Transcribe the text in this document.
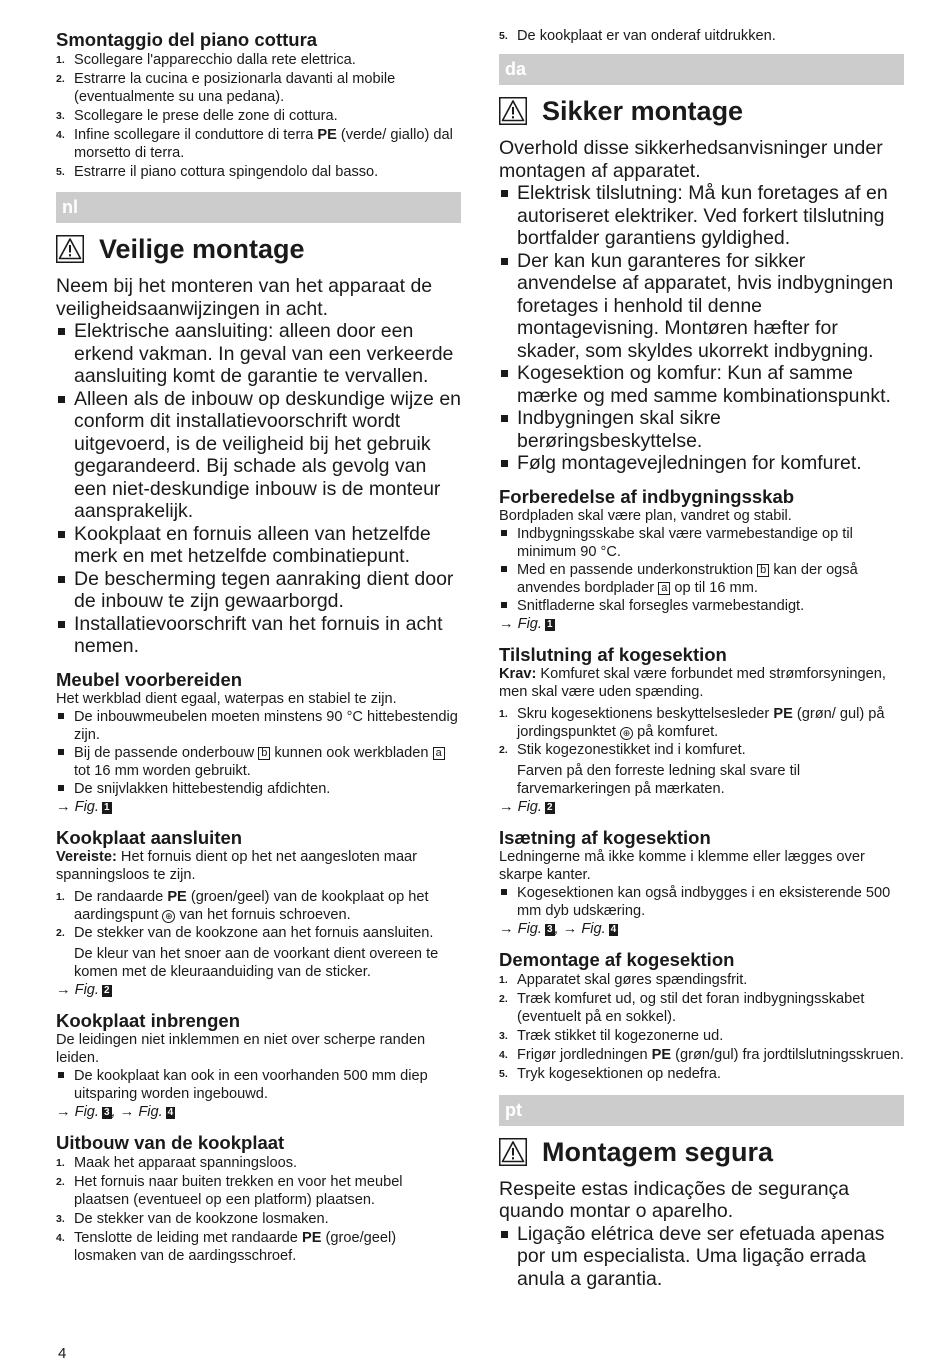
Smontaggio del piano cottura
1. Scollegare l'apparecchio dalla rete elettrica.
2. Estrarre la cucina e posizionarla davanti al mobile (eventualmente su una pedana).
3. Scollegare le prese delle zone di cottura.
4. Infine scollegare il conduttore di terra PE (verde/ giallo) dal morsetto di terra.
5. Estrarre il piano cottura spingendolo dal basso.
nl
Veilige montage

Neem bij het monteren van het apparaat de veiligheidsaanwijzingen in acht.

Elektrische aansluiting: alleen door een erkend vakman. In geval van een verkeerde aansluiting komt de garantie te vervallen.
Alleen als de inbouw op deskundige wijze en conform dit installatievoorschrift wordt uitgevoerd, is de veiligheid bij het gebruik gegarandeerd. Bij schade als gevolg van een niet-deskundige inbouw is de monteur aansprakelijk.
Kookplaat en fornuis alleen van hetzelfde merk en met hetzelfde combinatiepunt.
De bescherming tegen aanraking dient door de inbouw te zijn gewaarborgd.
Installatievoorschrift van het fornuis in acht nemen.
Meubel voorbereiden

Het werkblad dient egaal, waterpas en stabiel te zijn.

De inbouwmeubelen moeten minstens 90 °C hittebestendig zijn.
Bij de passende onderbouw b kunnen ook werkbladen a tot 16 mm worden gebruikt.
De snijvlakken hittebestendig afdichten.

→ Fig. 1

Kookplaat aansluiten

Vereiste: Het fornuis dient op het net aangesloten maar spanningsloos te zijn.

1. De randaarde PE (groen/geel) van de kookplaat op het aardingspunt ⊕ van het fornuis schroeven.
2. De stekker van de kookzone aan het fornuis aansluiten.

De kleur van het snoer aan de voorkant dient overeen te komen met de kleuraanduiding van de sticker.

→ Fig. 2

Kookplaat inbrengen

De leidingen niet inklemmen en niet over scherpe randen leiden.

De kookplaat kan ook in een voorhanden 500 mm diep uitsparing worden ingebouwd.

→ Fig. 3 , → Fig. 4

Uitbouw van de kookplaat
1. Maak het apparaat spanningsloos.
2. Het fornuis naar buiten trekken en voor het meubel plaatsen (eventueel op een platform) plaatsen.
3. De stekker van de kookzone losmaken.
4. Tenslotte de leiding met randaarde PE (groe/geel) losmaken van de aardingsschroef.
5. De kookplaat er van onderaf uitdrukken.
da
Sikker montage

Overhold disse sikkerhedsanvisninger under montagen af apparatet.

Elektrisk tilslutning: Må kun foretages af en autoriseret elektriker. Ved forkert tilslutning bortfalder garantiens gyldighed.
Der kan kun garanteres for sikker anvendelse af apparatet, hvis indbygningen foretages i henhold til denne montagevisning. Montøren hæfter for skader, som skyldes ukorrekt indbygning.
Kogesektion og komfur: Kun af samme mærke og med samme kombinationspunkt.
Indbygningen skal sikre berøringsbeskyttelse.
Følg montagevejledningen for komfuret.
Forberedelse af indbygningsskab

Bordpladen skal være plan, vandret og stabil.

Indbygningsskabe skal være varmebestandige op til minimum 90 °C.
Med en passende underkonstruktion b kan der også anvendes bordplader a op til 16 mm.
Snitfladerne skal forsegles varmebestandigt.

→ Fig. 1

Tilslutning af kogesektion

Krav: Komfuret skal være forbundet med strømforsyningen, men skal være uden spænding.

1. Skru kogesektionens beskyttelsesleder PE (grøn/ gul) på jordingspunktet ⊕ på komfuret.
2. Stik kogezonestikket ind i komfuret.

Farven på den forreste ledning skal svare til farvemarkeringen på mærkaten.

→ Fig. 2

Isætning af kogesektion

Ledningerne må ikke komme i klemme eller lægges over skarpe kanter.

Kogesektionen kan også indbygges i en eksisterende 500 mm dyb udskæring.

→ Fig. 3 , → Fig. 4

Demontage af kogesektion
1. Apparatet skal gøres spændingsfrit.
2. Træk komfuret ud, og stil det foran indbygningsskabet (eventuelt på en sokkel).
3. Træk stikket til kogezonerne ud.
4. Frigør jordledningen PE (grøn/gul) fra jordtilslutningsskruen.
5. Tryk kogesektionen op nedefra.
pt
Montagem segura

Respeite estas indicações de segurança quando montar o aparelho.

Ligação elétrica deve ser efetuada apenas por um especialista. Uma ligação errada anula a garantia.
4
